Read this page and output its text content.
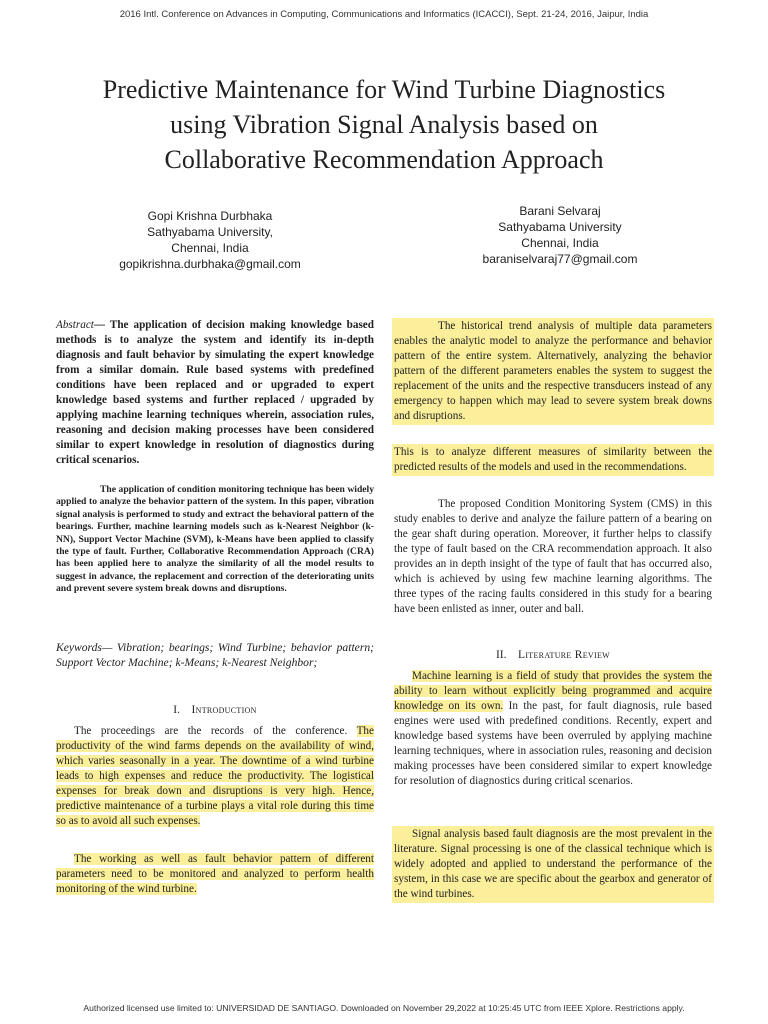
2016 Intl. Conference on Advances in Computing, Communications and Informatics (ICACCI), Sept. 21-24, 2016, Jaipur, India
Predictive Maintenance for Wind Turbine Diagnostics
using Vibration Signal Analysis based on
Collaborative Recommendation Approach
Gopi Krishna Durbhaka
Sathyabama University,
Chennai, India
gopikrishna.durbhaka@gmail.com
Barani Selvaraj
Sathyabama University
Chennai, India
baraniselvaraj77@gmail.com
Abstract— The application of decision making knowledge based methods is to analyze the system and identify its in-depth diagnosis and fault behavior by simulating the expert knowledge from a similar domain. Rule based systems with predefined conditions have been replaced and or upgraded to expert knowledge based systems and further replaced / upgraded by applying machine learning techniques wherein, association rules, reasoning and decision making processes have been considered similar to expert knowledge in resolution of diagnostics during critical scenarios.
The application of condition monitoring technique has been widely applied to analyze the behavior pattern of the system. In this paper, vibration signal analysis is performed to study and extract the behavioral pattern of the bearings. Further, machine learning models such as k-Nearest Neighbor (k-NN), Support Vector Machine (SVM), k-Means have been applied to classify the type of fault. Further, Collaborative Recommendation Approach (CRA) has been applied here to analyze the similarity of all the model results to suggest in advance, the replacement and correction of the deteriorating units and prevent severe system break downs and disruptions.
Keywords— Vibration; bearings; Wind Turbine; behavior pattern; Support Vector Machine; k-Means; k-Nearest Neighbor;
I. Introduction
The proceedings are the records of the conference. The productivity of the wind farms depends on the availability of wind, which varies seasonally in a year. The downtime of a wind turbine leads to high expenses and reduce the productivity. The logistical expenses for break down and disruptions is very high. Hence, predictive maintenance of a turbine plays a vital role during this time so as to avoid all such expenses.
The working as well as fault behavior pattern of different parameters need to be monitored and analyzed to perform health monitoring of the wind turbine.
The historical trend analysis of multiple data parameters enables the analytic model to analyze the performance and behavior pattern of the entire system. Alternatively, analyzing the behavior pattern of the different parameters enables the system to suggest the replacement of the units and the respective transducers instead of any emergency to happen which may lead to severe system break downs and disruptions.
This is to analyze different measures of similarity between the predicted results of the models and used in the recommendations.
The proposed Condition Monitoring System (CMS) in this study enables to derive and analyze the failure pattern of a bearing on the gear shaft during operation. Moreover, it further helps to classify the type of fault based on the CRA recommendation approach. It also provides an in depth insight of the type of fault that has occurred also, which is achieved by using few machine learning algorithms. The three types of the racing faults considered in this study for a bearing have been enlisted as inner, outer and ball.
II. Literature Review
Machine learning is a field of study that provides the system the ability to learn without explicitly being programmed and acquire knowledge on its own. In the past, for fault diagnosis, rule based engines were used with predefined conditions. Recently, expert and knowledge based systems have been overruled by applying machine learning techniques, where in association rules, reasoning and decision making processes have been considered similar to expert knowledge for resolution of diagnostics during critical scenarios.
Signal analysis based fault diagnosis are the most prevalent in the literature. Signal processing is one of the classical technique which is widely adopted and applied to understand the performance of the system, in this case we are specific about the gearbox and generator of the wind turbines.
Authorized licensed use limited to: UNIVERSIDAD DE SANTIAGO. Downloaded on November 29,2022 at 10:25:45 UTC from IEEE Xplore. Restrictions apply.
